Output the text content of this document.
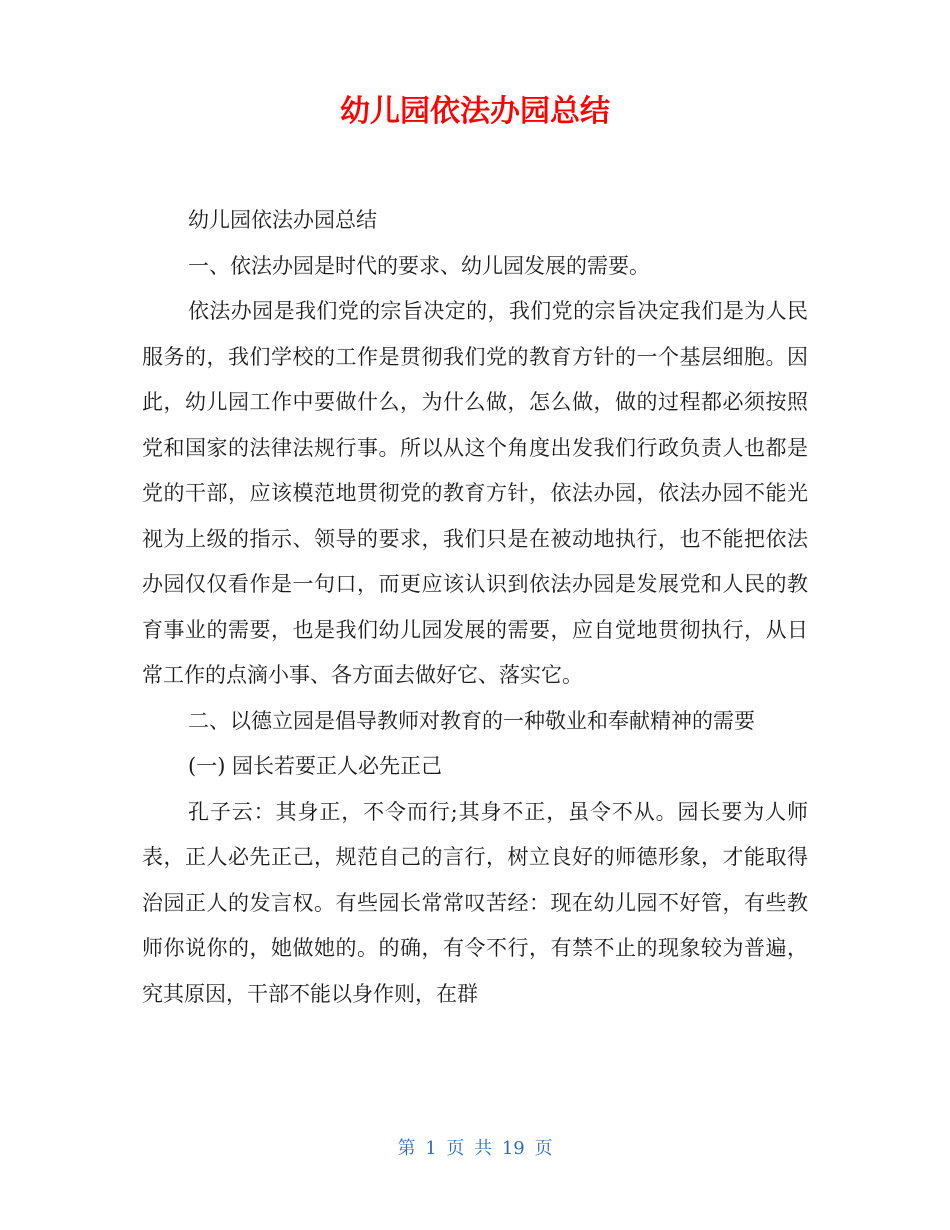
幼儿园依法办园总结

幼儿园依法办园总结

一、依法办园是时代的要求、幼儿园发展的需要。

依法办园是我们党的宗旨决定的，我们党的宗旨决定我们是为人民服务的，我们学校的工作是贯彻我们党的教育方针的一个基层细胞。因此，幼儿园工作中要做什么，为什么做，怎么做，做的过程都必须按照党和国家的法律法规行事。所以从这个角度出发我们行政负责人也都是党的干部，应该模范地贯彻党的教育方针，依法办园，依法办园不能光视为上级的指示、领导的要求，我们只是在被动地执行，也不能把依法办园仅仅看作是一句口，而更应该认识到依法办园是发展党和人民的教育事业的需要，也是我们幼儿园发展的需要，应自觉地贯彻执行，从日常工作的点滴小事、各方面去做好它、落实它。

二、以德立园是倡导教师对教育的一种敬业和奉献精神的需要

(一) 园长若要正人必先正己

孔子云：其身正，不令而行;其身不正，虽令不从。园长要为人师表，正人必先正己，规范自己的言行，树立良好的师德形象，才能取得治园正人的发言权。有些园长常常叹苦经：现在幼儿园不好管，有些教师你说你的，她做她的。的确，有令不行，有禁不止的现象较为普遍，究其原因，干部不能以身作则，在群

第 1 页 共 19 页
